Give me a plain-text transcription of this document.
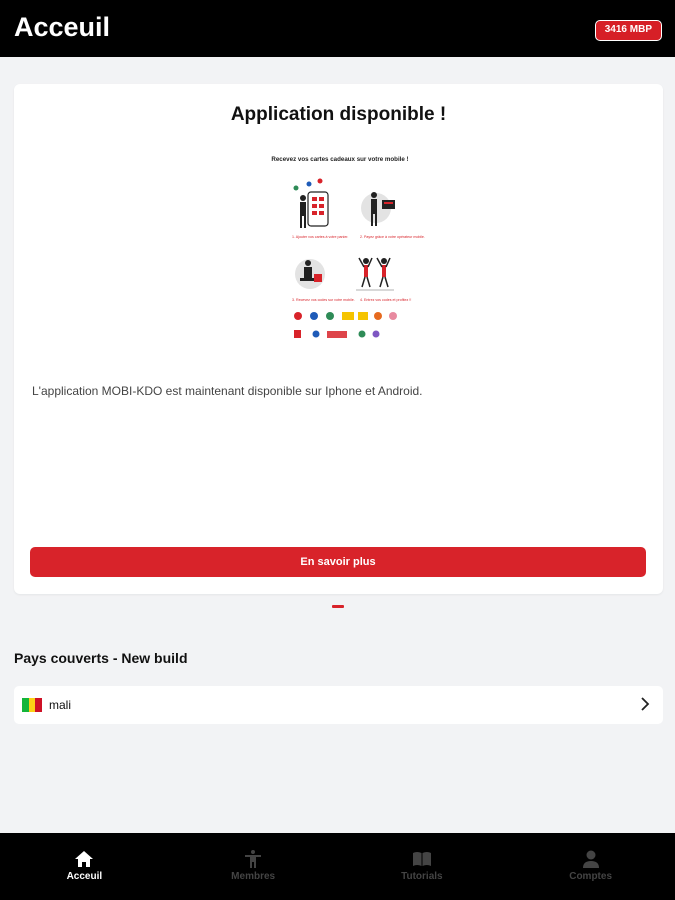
Acceuil	3416 MBP
Application disponible !
Recevez vos cartes cadeaux sur votre mobile !
1. Ajouter vos cartes à votre panier.	2. Payez grâce à votre opérateur mobile.
3. Recevez vos codes sur votre mobile. 4. Entrez vos codes et profitez !!
L'application MOBI-KDO est maintenant disponible sur Iphone et Android.
En savoir plus
Pays couverts - New build
mali
Acceuil	Membres	Tutorials	Comptes
